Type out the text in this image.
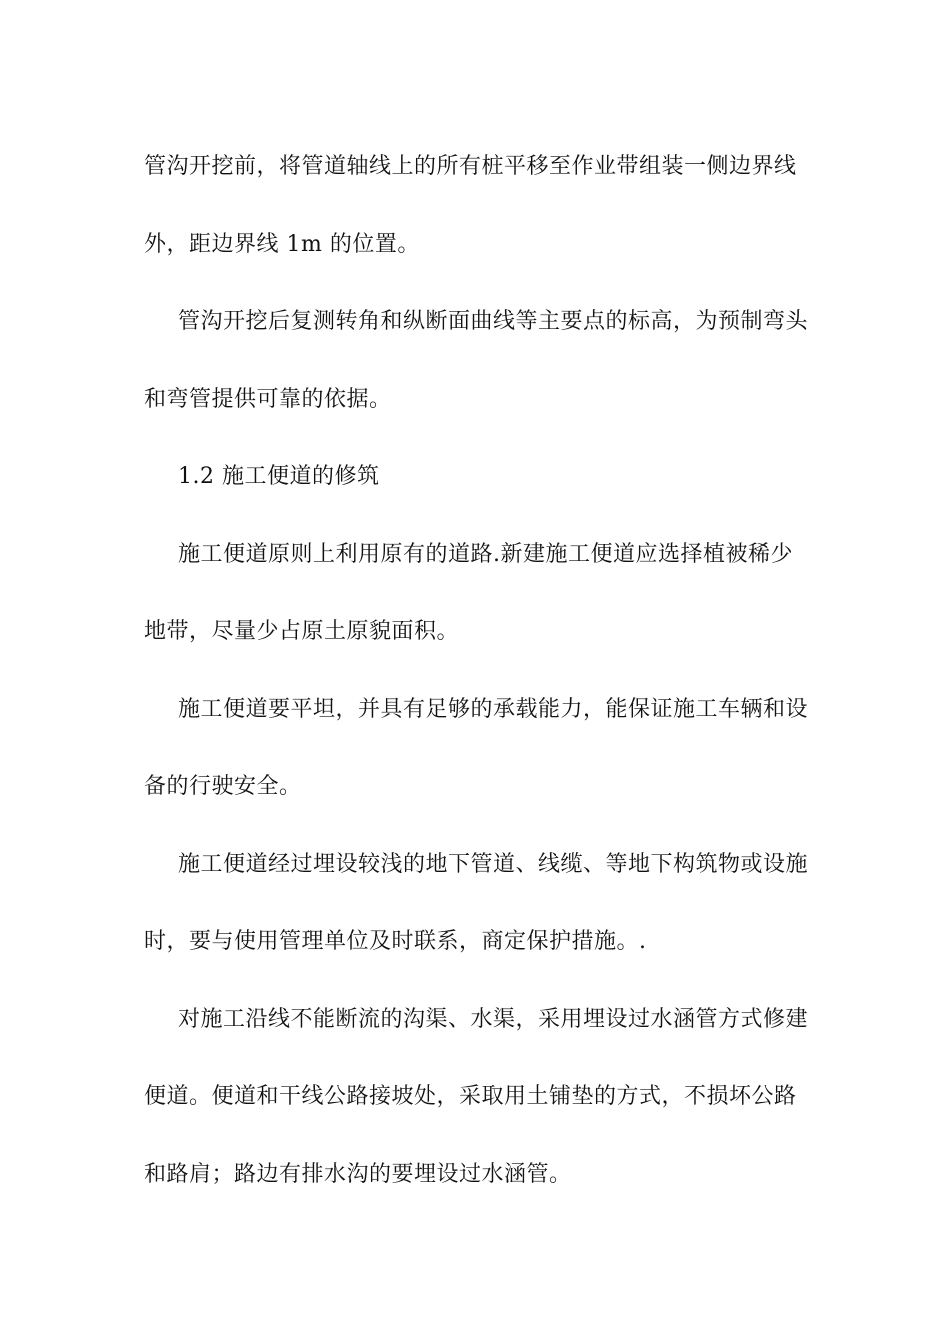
管沟开挖前，将管道轴线上的所有桩平移至作业带组装一侧边界线
外，距边界线 1m 的位置。

管沟开挖后复测转角和纵断面曲线等主要点的标高，为预制弯头
和弯管提供可靠的依据。

1.2 施工便道的修筑

施工便道原则上利用原有的道路.新建施工便道应选择植被稀少
地带，尽量少占原土原貌面积。

施工便道要平坦，并具有足够的承载能力，能保证施工车辆和设
备的行驶安全。

施工便道经过埋设较浅的地下管道、线缆、等地下构筑物或设施
时，要与使用管理单位及时联系，商定保护措施。.

对施工沿线不能断流的沟渠、水渠，采用埋设过水涵管方式修建
便道。便道和干线公路接坡处，采取用土铺垫的方式，不损坏公路
和路肩；路边有排水沟的要埋设过水涵管。
